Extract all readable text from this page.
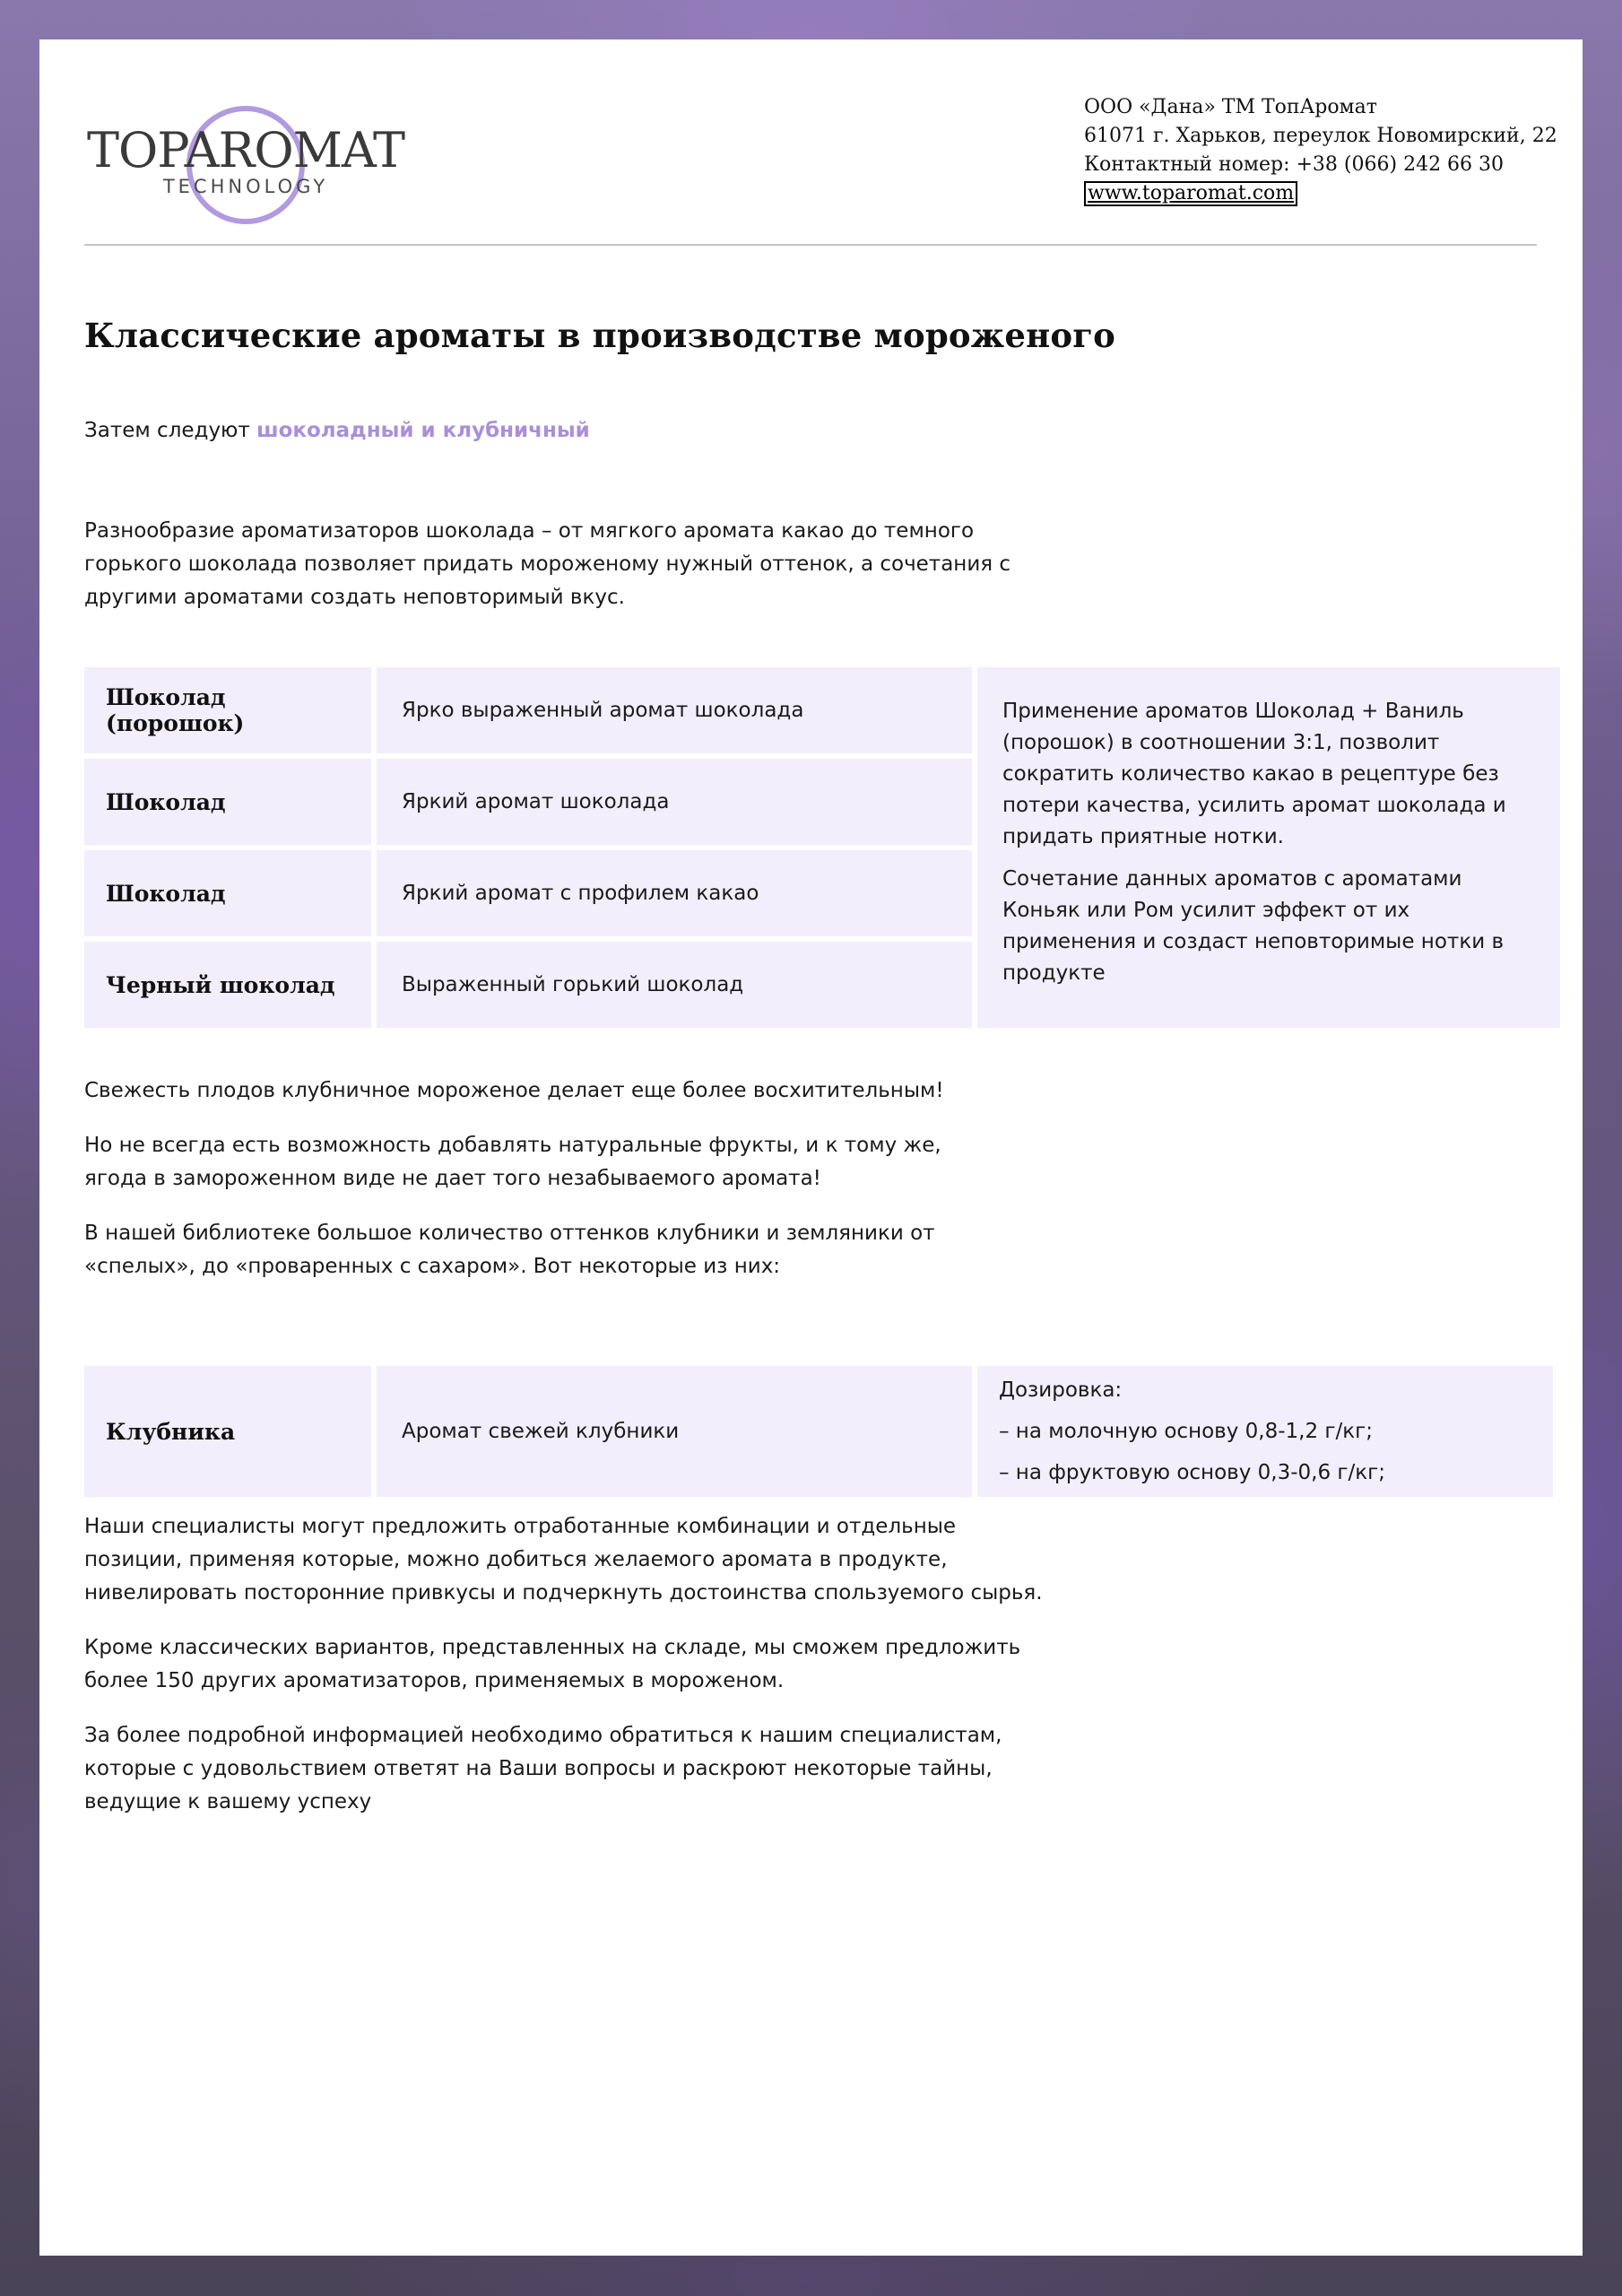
TOPAROMAT
TECHNOLOGY
ООО «Дана» ТМ ТопАромат
61071 г. Харьков, переулок Новомирский, 22
Контактный номер: +38 (066) 242 66 30
www.toparomat.com
Классические ароматы в производстве мороженого
Затем следуют шоколадный и клубничный

Разнообразие ароматизаторов шоколада – от мягкого аромата какао до темного горького шоколада позволяет придать мороженому нужный оттенок, а сочетания с другими ароматами создать неповторимый вкус.

Шоколад (порошок)	Ярко выраженный аромат шоколада	Применение ароматов Шоколад + Ваниль (порошок) в соотношении 3:1, позволит сократить количество какао в рецептуре без потери качества, усилить аромат шоколада и придать приятные нотки.

Сочетание данных ароматов с ароматами Коньяк или Ром усилит эффект от их применения и создаст неповторимые нотки в продукте

Шоколад	Яркий аромат шоколада	
Шоколад	Яркий аромат с профилем какао	
Черный шоколад	Выраженный горький шоколад	

Свежесть плодов клубничное мороженое делает еще более восхитительным!

Но не всегда есть возможность добавлять натуральные фрукты, и к тому же, ягода в замороженном виде не дает того незабываемого аромата!

В нашей библиотеке большое количество оттенков клубники и земляники от «спелых», до «проваренных с сахаром». Вот некоторые из них:

Клубника	Аромат свежей клубники	
Дозировка:
– на молочную основу 0,8-1,2 г/кг;
– на фруктовую основу 0,3-0,6 г/кг;

Наши специалисты могут предложить отработанные комбинации и отдельные позиции, применяя которые, можно добиться желаемого аромата в продукте, нивелировать посторонние привкусы и подчеркнуть достоинства спользуемого сырья.

Кроме классических вариантов, представленных на складе, мы сможем предложить более 150 других ароматизаторов, применяемых в мороженом.

За более подробной информацией необходимо обратиться к нашим специалистам, которые с удовольствием ответят на Ваши вопросы и раскроют некоторые тайны, ведущие к вашему успеху
